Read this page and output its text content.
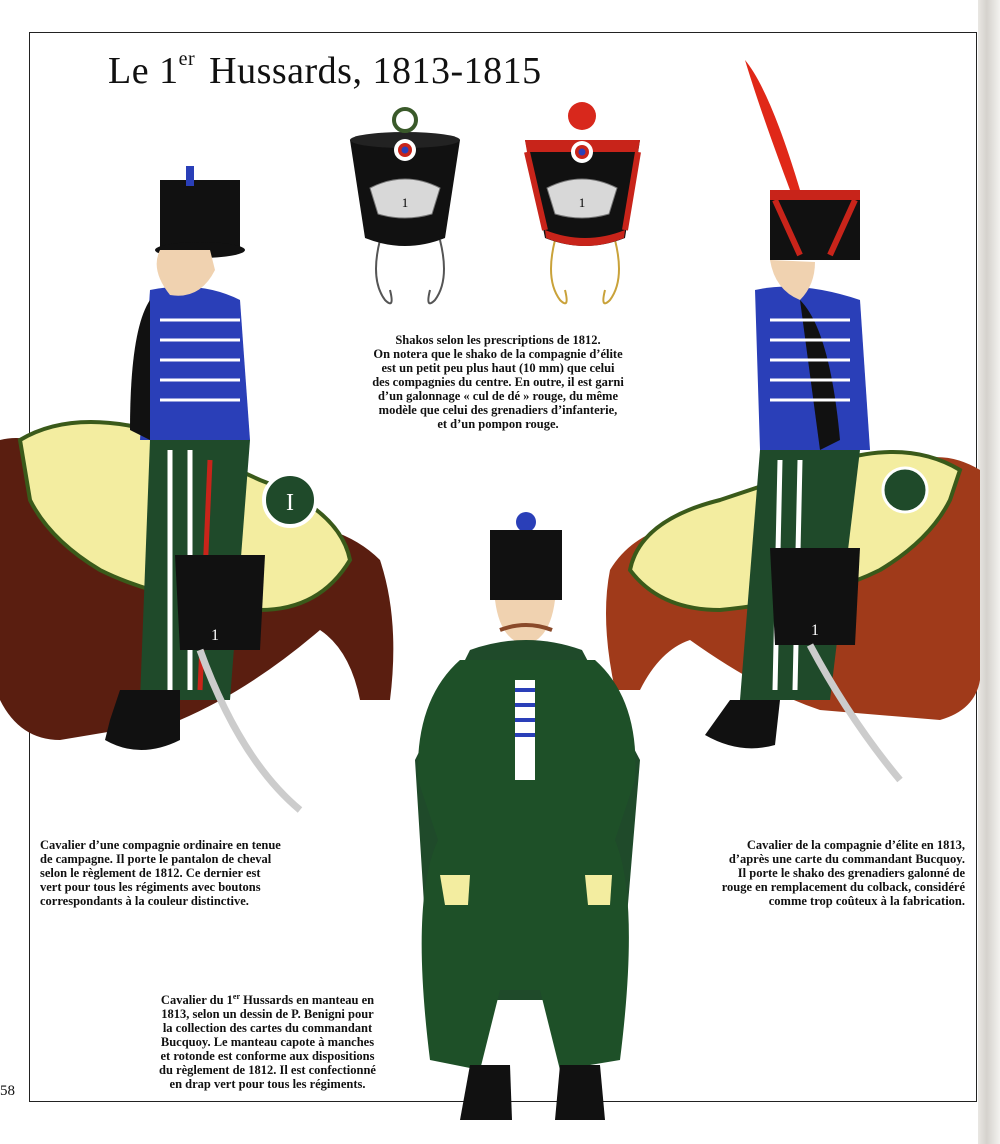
1	1
I
1	1
Le 1er Hussards, 1813-1815
Shakos selon les prescriptions de 1812.
On notera que le shako de la compagnie d’élite
est un petit peu plus haut (10 mm) que celui
des compagnies du centre. En outre, il est garni
d’un galonnage « cul de dé » rouge, du même
modèle que celui des grenadiers d’infanterie,
et d’un pompon rouge.
Cavalier d’une compagnie ordinaire en tenue
de campagne. Il porte le pantalon de cheval
selon le règlement de 1812. Ce dernier est
vert pour tous les régiments avec boutons
correspondants à la couleur distinctive.
Cavalier de la compagnie d’élite en 1813,
d’après une carte du commandant Bucquoy.
Il porte le shako des grenadiers galonné de
rouge en remplacement du colback, considéré
comme trop coûteux à la fabrication.
Cavalier du 1er Hussards en manteau en
1813, selon un dessin de P. Benigni pour
la collection des cartes du commandant
Bucquoy. Le manteau capote à manches
et rotonde est conforme aux dispositions
du règlement de 1812. Il est confectionné
en drap vert pour tous les régiments.
58
